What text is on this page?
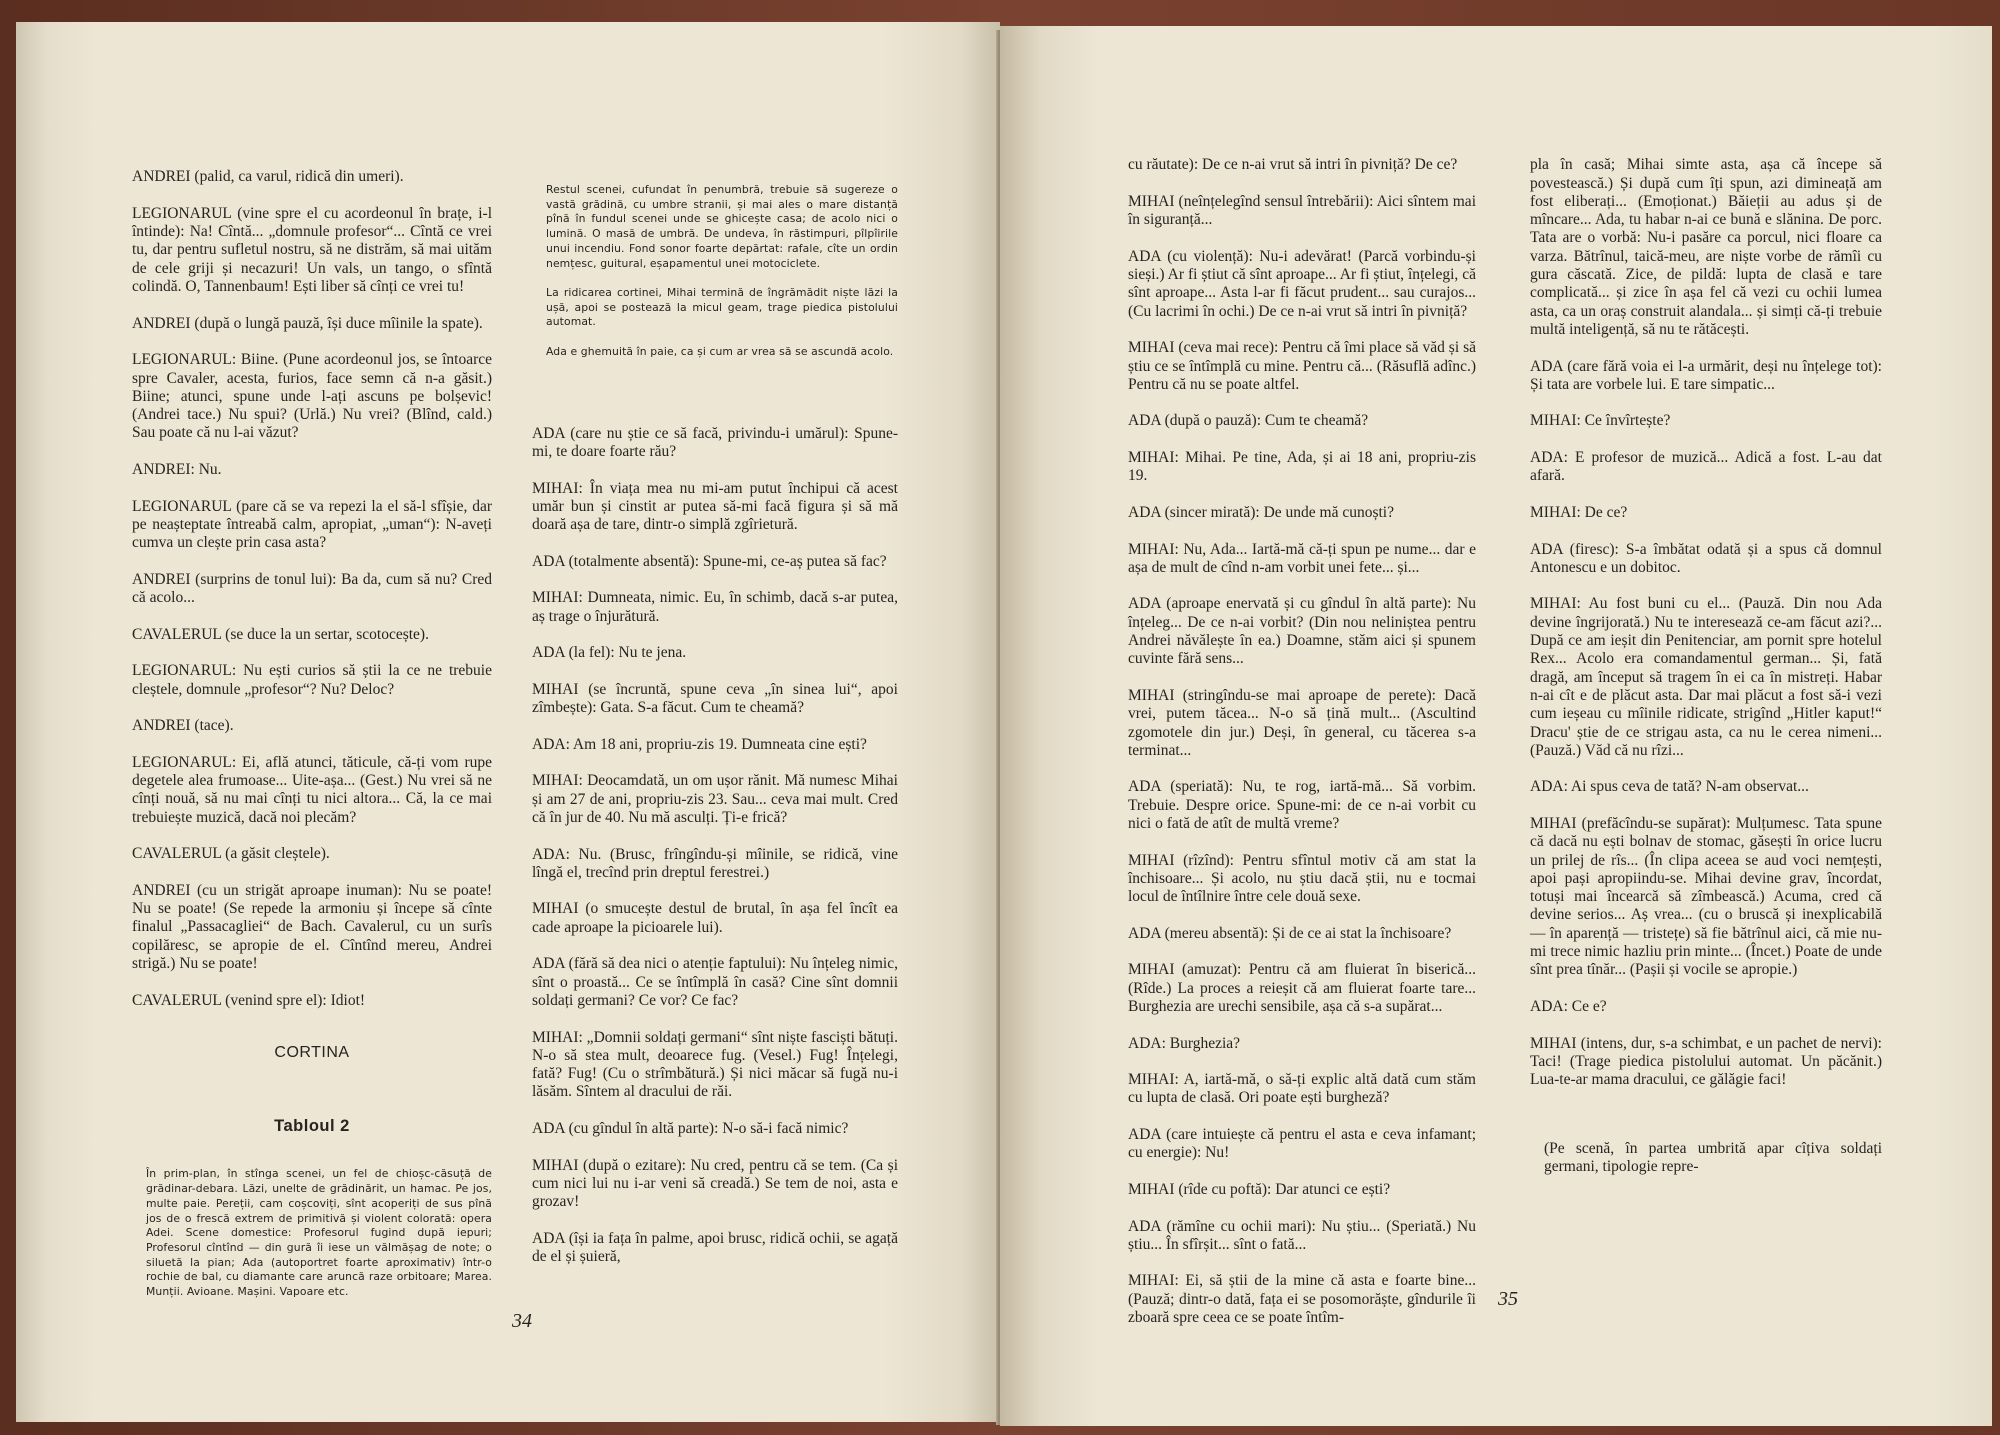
ANDREI (palid, ca varul, ridică din umeri).

LEGIONARUL (vine spre el cu acordeonul în brațe, i-l întinde): Na! Cîntă... „domnule profesor“... Cîntă ce vrei tu, dar pentru sufletul nostru, să ne distrăm, să mai uităm de cele griji și necazuri! Un vals, un tango, o sfîntă colindă. O, Tannenbaum! Ești liber să cînți ce vrei tu!

ANDREI (după o lungă pauză, își duce mîinile la spate).

LEGIONARUL: Biine. (Pune acordeonul jos, se întoarce spre Cavaler, acesta, furios, face semn că n-a găsit.) Biine; atunci, spune unde l-ați ascuns pe bolșevic! (Andrei tace.) Nu spui? (Urlă.) Nu vrei? (Blînd, cald.) Sau poate că nu l-ai văzut?

ANDREI: Nu.

LEGIONARUL (pare că se va repezi la el să-l sfîșie, dar pe neașteptate întreabă calm, apropiat, „uman“): N-aveți cumva un clește prin casa asta?

ANDREI (surprins de tonul lui): Ba da, cum să nu? Cred că acolo...

CAVALERUL (se duce la un sertar, scotocește).

LEGIONARUL: Nu ești curios să știi la ce ne trebuie cleștele, domnule „profesor“? Nu? Deloc?

ANDREI (tace).

LEGIONARUL: Ei, află atunci, tăticule, că-ți vom rupe degetele alea frumoase... Uite-așa... (Gest.) Nu vrei să ne cînți nouă, să nu mai cînți tu nici altora... Că, la ce mai trebuiește muzică, dacă noi plecăm?

CAVALERUL (a găsit cleștele).

ANDREI (cu un strigăt aproape inuman): Nu se poate! Nu se poate! (Se repede la armoniu și începe să cînte finalul „Passacagliei“ de Bach. Cavalerul, cu un surîs copilăresc, se apropie de el. Cîntînd mereu, Andrei strigă.) Nu se poate!

CAVALERUL (venind spre el): Idiot!

CORTINA

Tabloul 2

În prim-plan, în stînga scenei, un fel de chioșc-căsuță de grădinar-debara. Lăzi, unelte de grădinărit, un hamac. Pe jos, multe paie. Pereții, cam coșcoviți, sînt acoperiți de sus pînă jos de o frescă extrem de primitivă și violent colorată: opera Adei. Scene domestice: Profesorul fugind după iepuri; Profesorul cîntînd — din gură îi iese un vălmășag de note; o siluetă la pian; Ada (autoportret foarte aproximativ) într-o rochie de bal, cu diamante care aruncă raze orbitoare; Marea. Munții. Avioane. Mașini. Vapoare etc.

Restul scenei, cufundat în penumbră, trebuie să sugereze o vastă grădină, cu umbre stranii, și mai ales o mare distanță pînă în fundul scenei unde se ghicește casa; de acolo nici o lumină. O masă de umbră. De undeva, în răstimpuri, pîlpîirile unui incendiu. Fond sonor foarte depărtat: rafale, cîte un ordin nemțesc, guitural, eșapamentul unei motociclete.

La ridicarea cortinei, Mihai termină de îngrămădit niște lăzi la ușă, apoi se postează la micul geam, trage piedica pistolului automat.

Ada e ghemuită în paie, ca și cum ar vrea să se ascundă acolo.

ADA (care nu știe ce să facă, privindu-i umărul): Spune-mi, te doare foarte rău?

MIHAI: În viața mea nu mi-am putut închipui că acest umăr bun și cinstit ar putea să-mi facă figura și să mă doară așa de tare, dintr-o simplă zgîrietură.

ADA (totalmente absentă): Spune-mi, ce-aș putea să fac?

MIHAI: Dumneata, nimic. Eu, în schimb, dacă s-ar putea, aș trage o înjurătură.

ADA (la fel): Nu te jena.

MIHAI (se încruntă, spune ceva „în sinea lui“, apoi zîmbește): Gata. S-a făcut. Cum te cheamă?

ADA: Am 18 ani, propriu-zis 19. Dumneata cine ești?

MIHAI: Deocamdată, un om ușor rănit. Mă numesc Mihai și am 27 de ani, propriu-zis 23. Sau... ceva mai mult. Cred că în jur de 40. Nu mă asculți. Ți-e frică?

ADA: Nu. (Brusc, frîngîndu-și mîinile, se ridică, vine lîngă el, trecînd prin dreptul ferestrei.)

MIHAI (o smucește destul de brutal, în așa fel încît ea cade aproape la picioarele lui).

ADA (fără să dea nici o atenție faptului): Nu înțeleg nimic, sînt o proastă... Ce se întîmplă în casă? Cine sînt domnii soldați germani? Ce vor? Ce fac?

MIHAI: „Domnii soldați germani“ sînt niște fasciști bătuți. N-o să stea mult, deoarece fug. (Vesel.) Fug! Înțelegi, fată? Fug! (Cu o strîmbătură.) Și nici măcar să fugă nu-i lăsăm. Sîntem al dracului de răi.

ADA (cu gîndul în altă parte): N-o să-i facă nimic?

MIHAI (după o ezitare): Nu cred, pentru că se tem. (Ca și cum nici lui nu i-ar veni să creadă.) Se tem de noi, asta e grozav!

ADA (își ia fața în palme, apoi brusc, ridică ochii, se agață de el și șuieră,

34

cu răutate): De ce n-ai vrut să intri în pivniță? De ce?

MIHAI (neînțelegînd sensul întrebării): Aici sîntem mai în siguranță...

ADA (cu violență): Nu-i adevărat! (Parcă vorbindu-și sieși.) Ar fi știut că sînt aproape... Ar fi știut, înțelegi, că sînt aproape... Asta l-ar fi făcut prudent... sau curajos... (Cu lacrimi în ochi.) De ce n-ai vrut să intri în pivniță?

MIHAI (ceva mai rece): Pentru că îmi place să văd și să știu ce se întîmplă cu mine. Pentru că... (Răsuflă adînc.) Pentru că nu se poate altfel.

ADA (după o pauză): Cum te cheamă?

MIHAI: Mihai. Pe tine, Ada, și ai 18 ani, propriu-zis 19.

ADA (sincer mirată): De unde mă cunoști?

MIHAI: Nu, Ada... Iartă-mă că-ți spun pe nume... dar e așa de mult de cînd n-am vorbit unei fete... și...

ADA (aproape enervată și cu gîndul în altă parte): Nu înțeleg... De ce n-ai vorbit? (Din nou neliniștea pentru Andrei năvălește în ea.) Doamne, stăm aici și spunem cuvinte fără sens...

MIHAI (stringîndu-se mai aproape de perete): Dacă vrei, putem tăcea... N-o să țină mult... (Ascultind zgomotele din jur.) Deși, în general, cu tăcerea s-a terminat...

ADA (speriată): Nu, te rog, iartă-mă... Să vorbim. Trebuie. Despre orice. Spune-mi: de ce n-ai vorbit cu nici o fată de atît de multă vreme?

MIHAI (rîzînd): Pentru sfîntul motiv că am stat la închisoare... Și acolo, nu știu dacă știi, nu e tocmai locul de întîlnire între cele două sexe.

ADA (mereu absentă): Și de ce ai stat la închisoare?

MIHAI (amuzat): Pentru că am fluierat în biserică... (Rîde.) La proces a reieșit că am fluierat foarte tare... Burghezia are urechi sensibile, așa că s-a supărat...

ADA: Burghezia?

MIHAI: A, iartă-mă, o să-ți explic altă dată cum stăm cu lupta de clasă. Ori poate ești burgheză?

ADA (care intuiește că pentru el asta e ceva infamant; cu energie): Nu!

MIHAI (rîde cu poftă): Dar atunci ce ești?

ADA (rămîne cu ochii mari): Nu știu... (Speriată.) Nu știu... În sfîrșit... sînt o fată...

MIHAI: Ei, să știi de la mine că asta e foarte bine... (Pauză; dintr-o dată, fața ei se posomorăște, gîndurile îi zboară spre ceea ce se poate întîm-

pla în casă; Mihai simte asta, așa că începe să povestească.) Și după cum îți spun, azi dimineață am fost eliberați... (Emoționat.) Băieții au adus și de mîncare... Ada, tu habar n-ai ce bună e slănina. De porc. Tata are o vorbă: Nu-i pasăre ca porcul, nici floare ca varza. Bătrînul, taică-meu, are niște vorbe de rămîi cu gura căscată. Zice, de pildă: lupta de clasă e tare complicată... și zice în așa fel că vezi cu ochii lumea asta, ca un oraș construit alandala... și simți că-ți trebuie multă inteligență, să nu te rătăcești.

ADA (care fără voia ei l-a urmărit, deși nu înțelege tot): Și tata are vorbele lui. E tare simpatic...

MIHAI: Ce învîrtește?

ADA: E profesor de muzică... Adică a fost. L-au dat afară.

MIHAI: De ce?

ADA (firesc): S-a îmbătat odată și a spus că domnul Antonescu e un dobitoc.

MIHAI: Au fost buni cu el... (Pauză. Din nou Ada devine îngrijorată.) Nu te interesează ce-am făcut azi?... După ce am ieșit din Penitenciar, am pornit spre hotelul Rex... Acolo era comandamentul german... Și, fată dragă, am început să tragem în ei ca în mistreți. Habar n-ai cît e de plăcut asta. Dar mai plăcut a fost să-i vezi cum ieșeau cu mîinile ridicate, strigînd „Hitler kaput!“ Dracu' știe de ce strigau asta, ca nu le cerea nimeni... (Pauză.) Văd că nu rîzi...

ADA: Ai spus ceva de tată? N-am observat...

MIHAI (prefăcîndu-se supărat): Mulțumesc. Tata spune că dacă nu ești bolnav de stomac, găsești în orice lucru un prilej de rîs... (În clipa aceea se aud voci nemțești, apoi pași apropiindu-se. Mihai devine grav, încordat, totuși mai încearcă să zîmbească.) Acuma, cred că devine serios... Aș vrea... (cu o bruscă și inexplicabilă — în aparență — tristețe) să fie bătrînul aici, că mie nu-mi trece nimic hazliu prin minte... (Încet.) Poate de unde sînt prea tînăr... (Pașii și vocile se apropie.)

ADA: Ce e?

MIHAI (intens, dur, s-a schimbat, e un pachet de nervi): Taci! (Trage piedica pistolului automat. Un păcănit.) Lua-te-ar mama dracului, ce gălăgie faci!

(Pe scenă, în partea umbrită apar cîțiva soldați germani, tipologie repre-

35
